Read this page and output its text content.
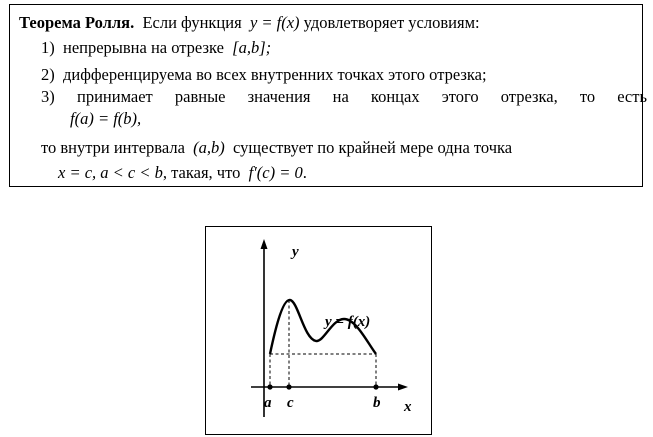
Теорема Ролля. Если функция y = f(x) удовлетворяет условиям:
1) непрерывна на отрезке [a,b];
2) дифференцируема во всех внутренних точках этого отрезка;
3) принимает равные значения на концах этого отрезка, то есть
f(a) = f(b),
то внутри интервала (a,b) существует по крайней мере одна точка
x = c, a < c < b, такая, что f′(c) = 0.
y
x
y = f(x)
a c	b
